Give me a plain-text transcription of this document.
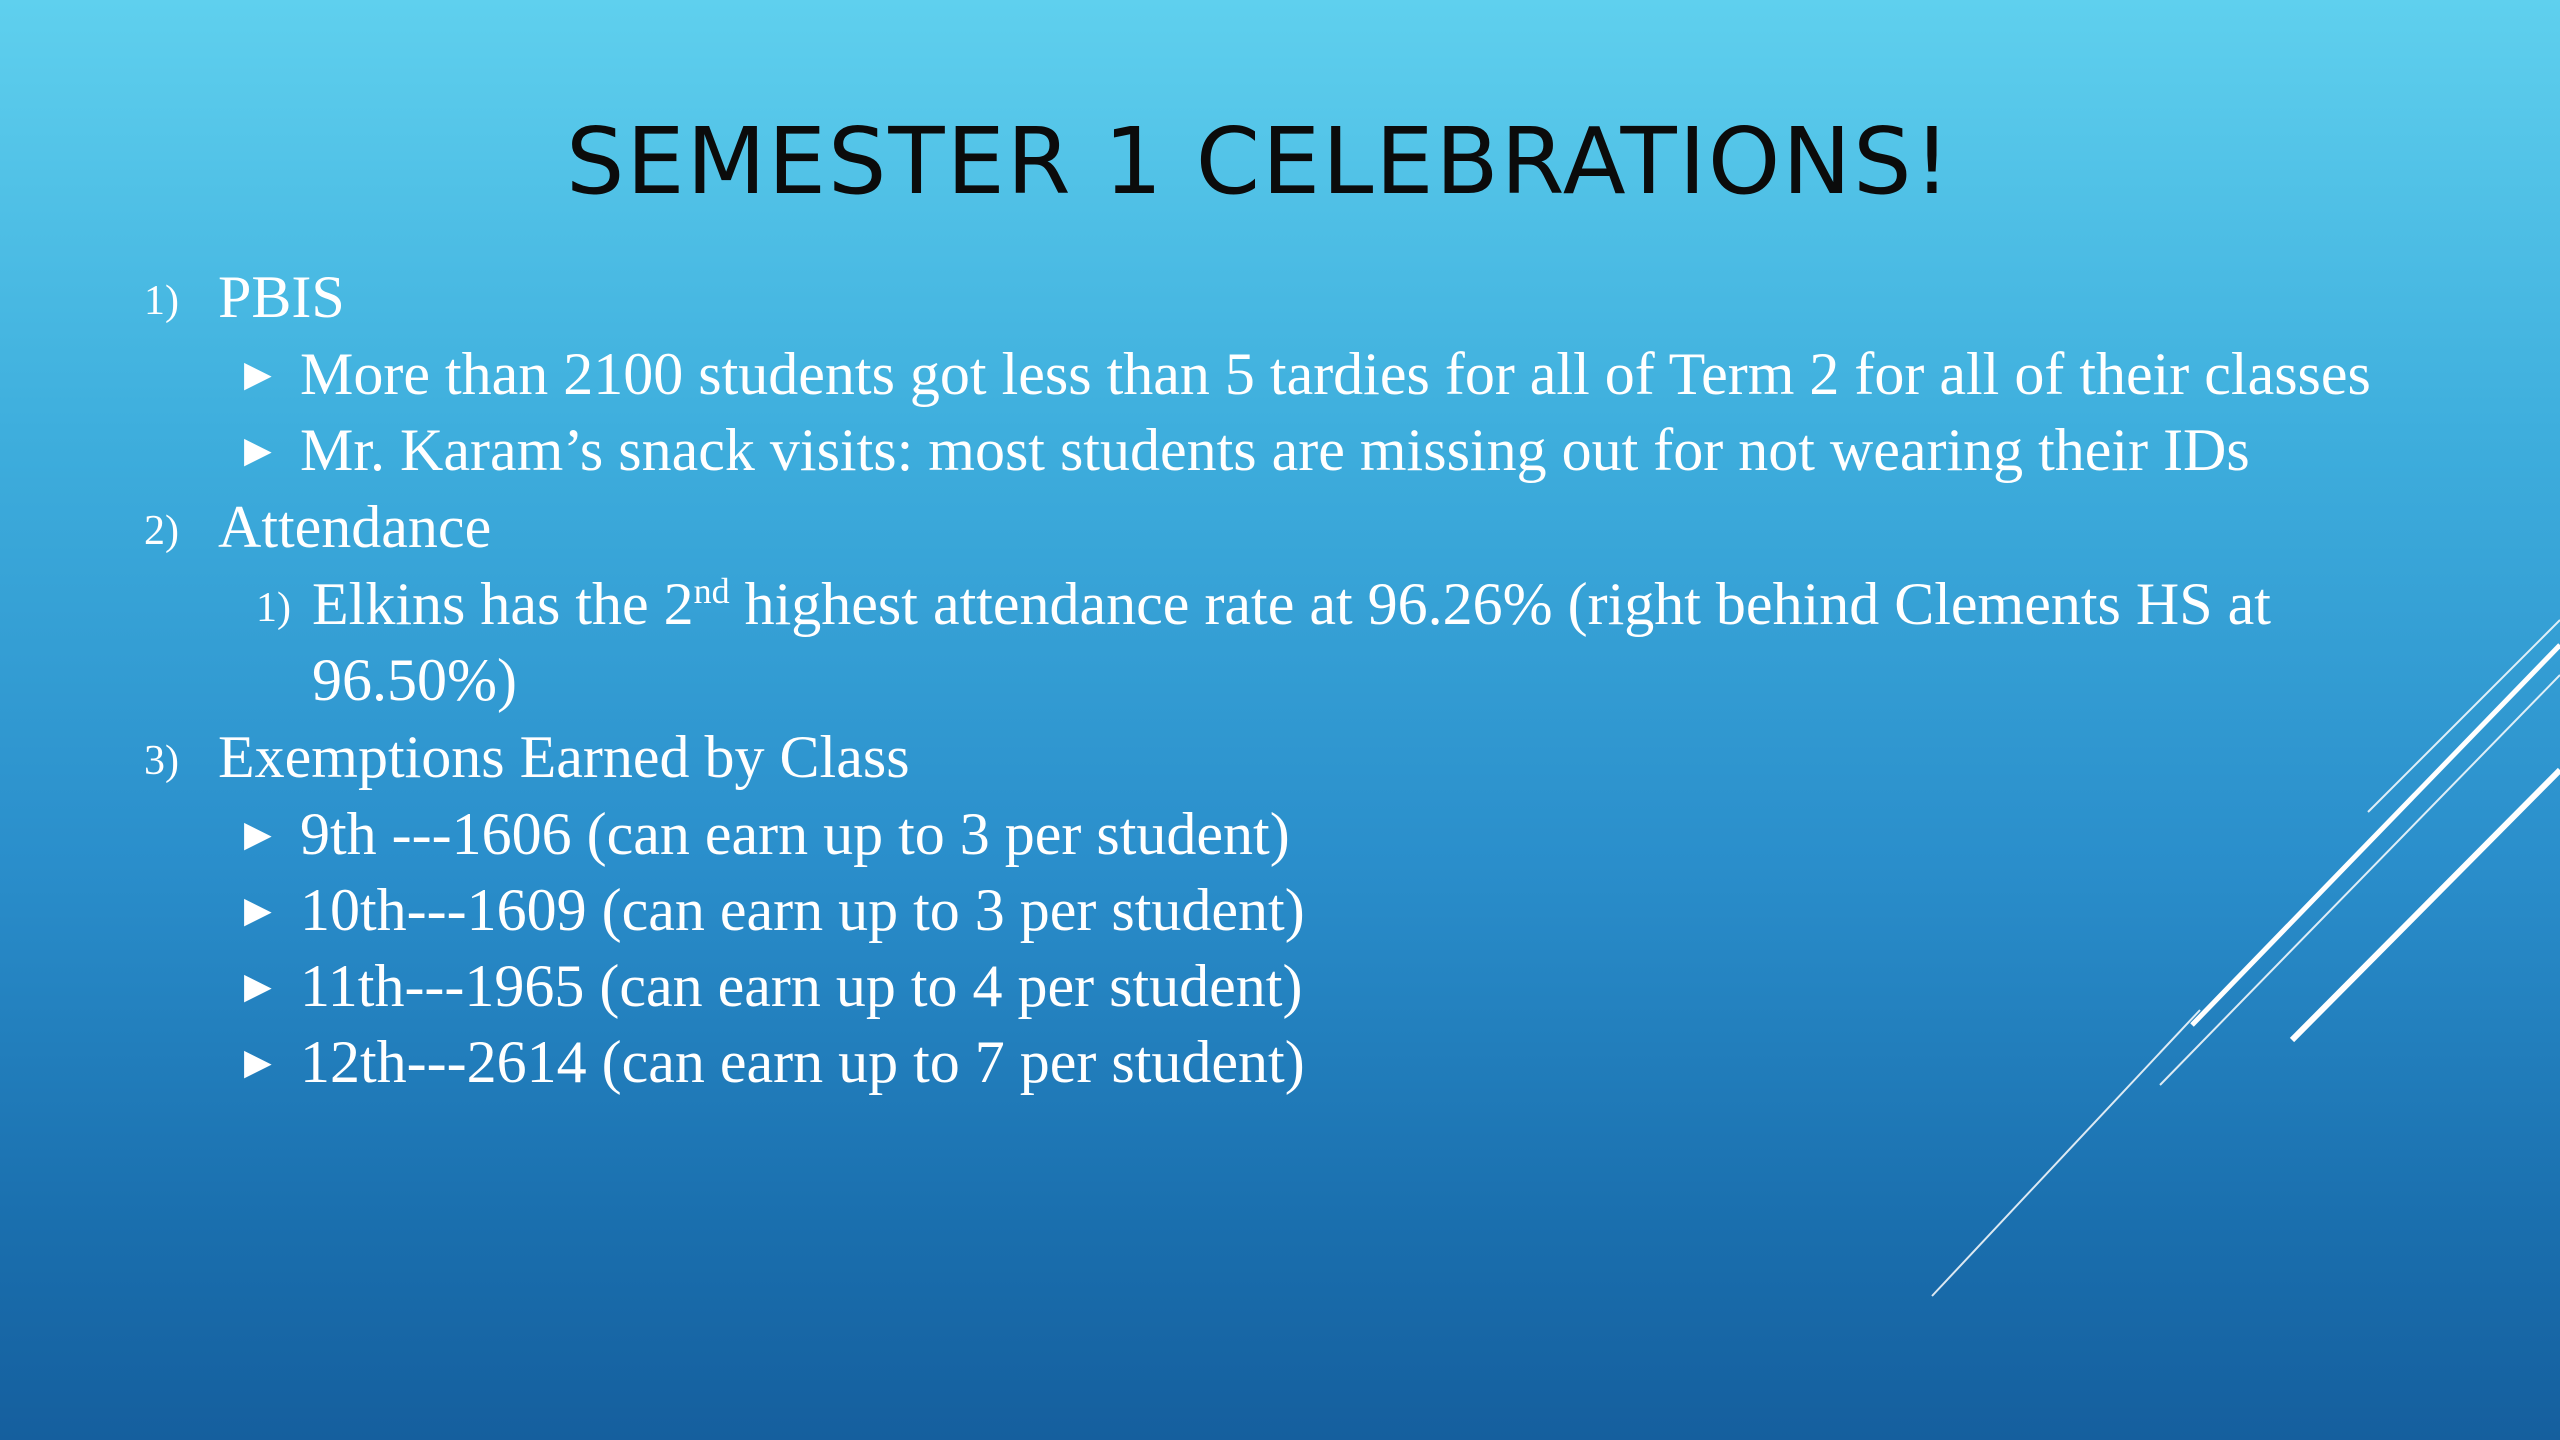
SEMESTER 1 CELEBRATIONS!
1) PBIS
▶ More than 2100 students got less than 5 tardies for all of Term 2 for all of their classes
▶ Mr. Karam’s snack visits: most students are missing out for not wearing their IDs
2) Attendance
1) Elkins has the 2nd highest attendance rate at 96.26% (right behind Clements HS at 96.50%)
3) Exemptions Earned by Class
▶ 9th ---1606 (can earn up to 3 per student)
▶ 10th---1609 (can earn up to 3 per student)
▶ 11th---1965 (can earn up to 4 per student)
▶ 12th---2614 (can earn up to 7 per student)
